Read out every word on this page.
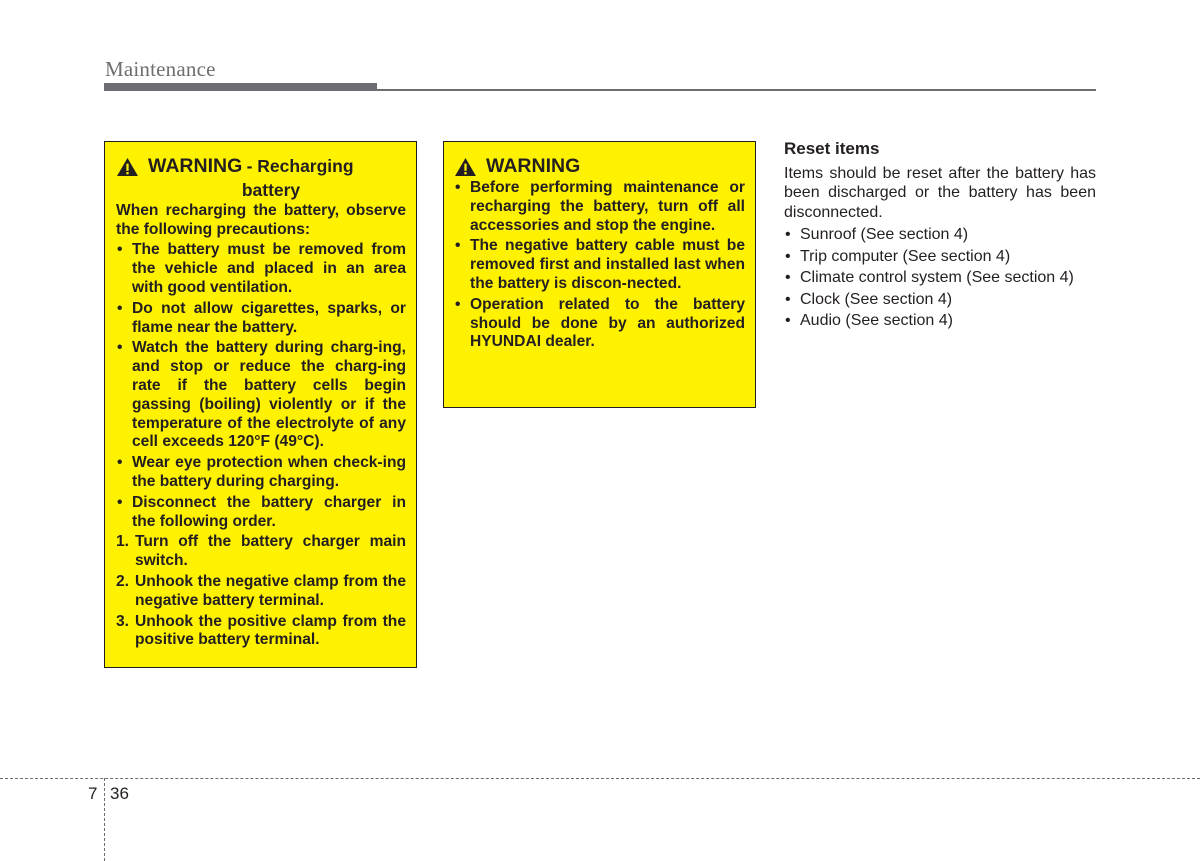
Maintenance
WARNING - Recharging
battery
When recharging the battery, observe the following precautions:
• The battery must be removed from the vehicle and placed in an area with good ventilation.
• Do not allow cigarettes, sparks, or flame near the battery.
• Watch the battery during charg-ing, and stop or reduce the charg-ing rate if the battery cells begin gassing (boiling) violently or if the temperature of the electrolyte of any cell exceeds 120°F (49°C).
• Wear eye protection when check-ing the battery during charging.
• Disconnect the battery charger in the following order.
1. Turn off the battery charger main switch.
2. Unhook the negative clamp from the negative battery terminal.
3. Unhook the positive clamp from the positive battery terminal.
WARNING
• Before performing maintenance or recharging the battery, turn off all accessories and stop the engine.
• The negative battery cable must be removed first and installed last when the battery is discon-nected.
• Operation related to the battery should be done by an authorized HYUNDAI dealer.
Reset items
Items should be reset after the battery has been discharged or the battery has been disconnected.
• Sunroof (See section 4)
• Trip computer (See section 4)
• Climate control system (See section 4)
• Clock (See section 4)
• Audio (See section 4)
7 36
